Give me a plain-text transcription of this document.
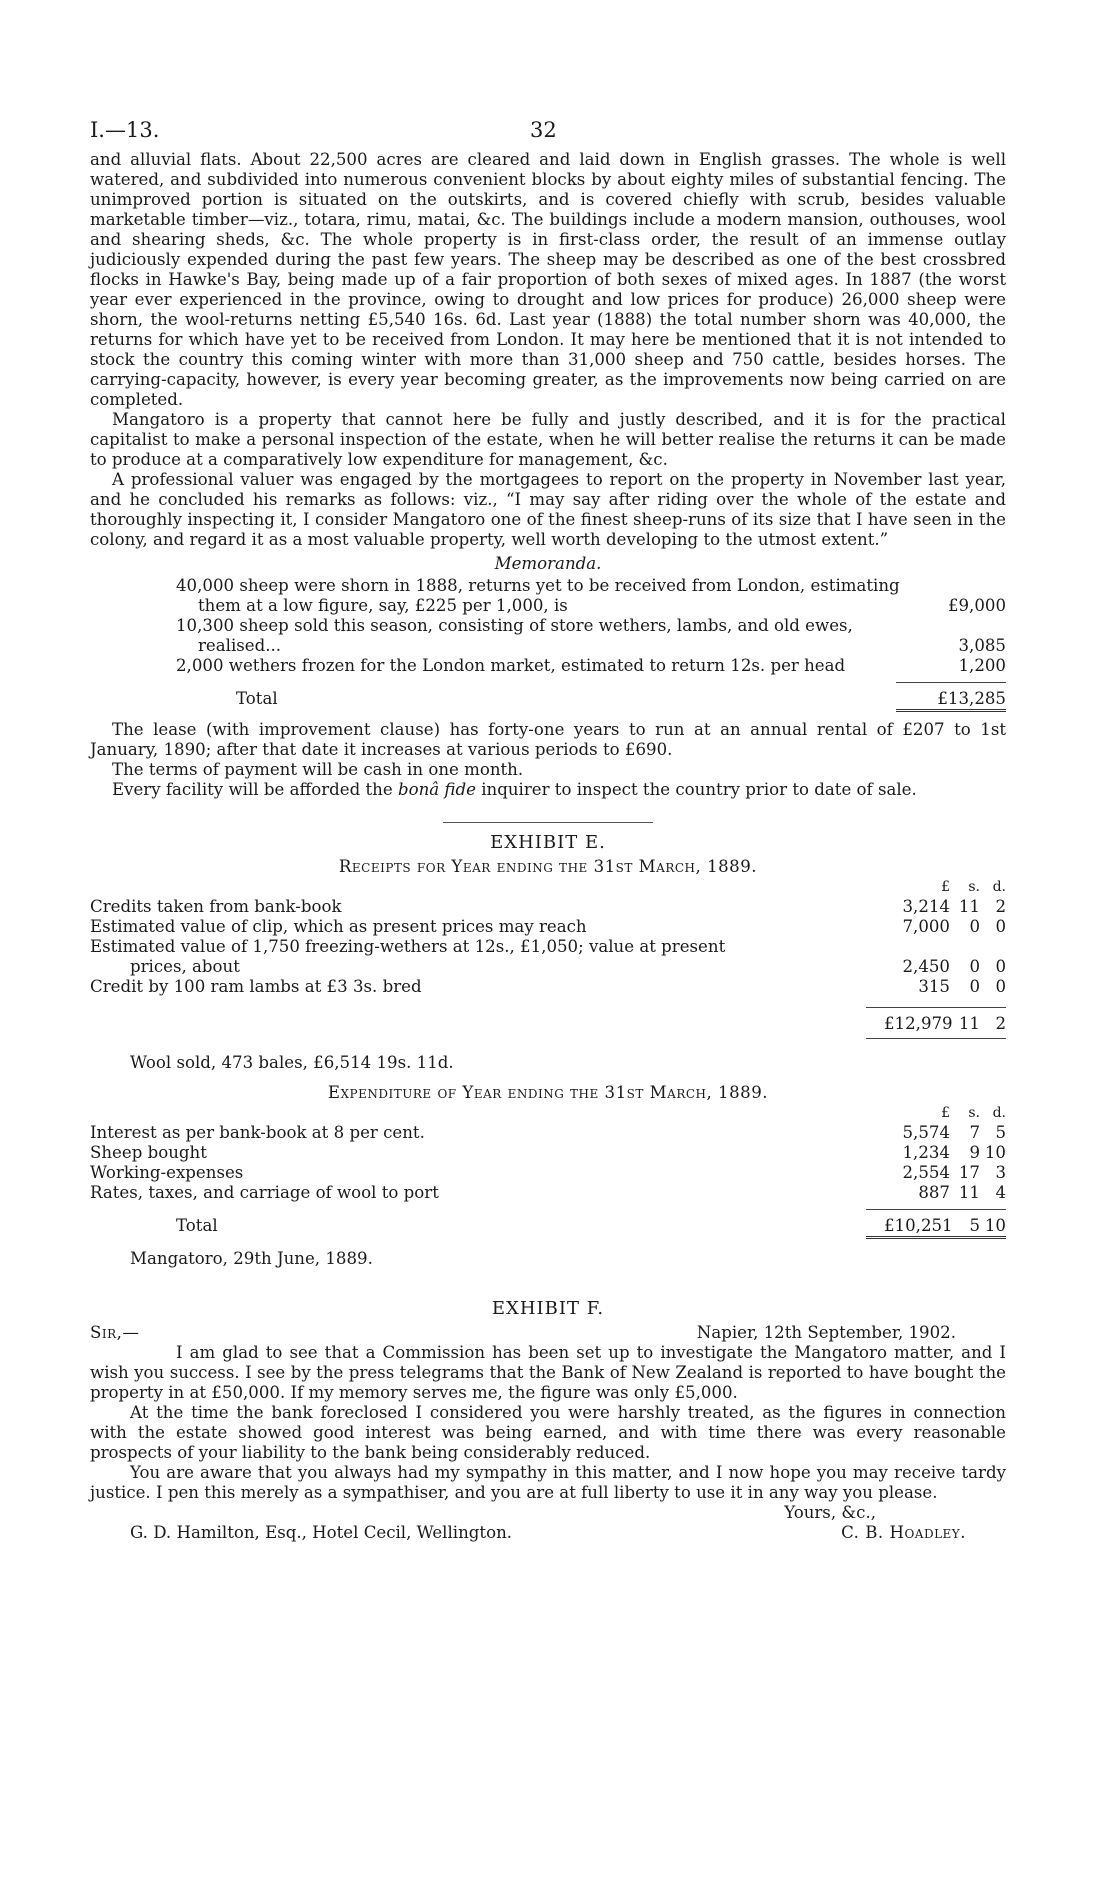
I.—13.	32

and alluvial flats. About 22,500 acres are cleared and laid down in English grasses. The whole is well watered, and subdivided into numerous convenient blocks by about eighty miles of substantial fencing. The unimproved portion is situated on the outskirts, and is covered chiefly with scrub, besides valuable marketable timber—viz., totara, rimu, matai, &c. The buildings include a modern mansion, outhouses, wool and shearing sheds, &c. The whole property is in first-class order, the result of an immense outlay judiciously expended during the past few years. The sheep may be described as one of the best crossbred flocks in Hawke's Bay, being made up of a fair proportion of both sexes of mixed ages. In 1887 (the worst year ever experienced in the province, owing to drought and low prices for produce) 26,000 sheep were shorn, the wool-returns netting £5,540 16s. 6d. Last year (1888) the total number shorn was 40,000, the returns for which have yet to be received from London. It may here be mentioned that it is not intended to stock the country this coming winter with more than 31,000 sheep and 750 cattle, besides horses. The carrying-capacity, however, is every year becoming greater, as the improvements now being carried on are completed.

Mangatoro is a property that cannot here be fully and justly described, and it is for the practical capitalist to make a personal inspection of the estate, when he will better realise the returns it can be made to produce at a comparatively low expenditure for management, &c.

A professional valuer was engaged by the mortgagees to report on the property in November last year, and he concluded his remarks as follows: viz., “I may say after riding over the whole of the estate and thoroughly inspecting it, I consider Mangatoro one of the finest sheep-runs of its size that I have seen in the colony, and regard it as a most valuable property, well worth developing to the utmost extent.”

Memoranda.
40,000 sheep were shorn in 1888, returns yet to be received from London, estimating them at a low figure, say, £225 per 1,000, is	£9,000
10,300 sheep sold this season, consisting of store wethers, lambs, and old ewes, realised...	3,085
2,000 wethers frozen for the London market, estimated to return 12s. per head	1,200
Total	£13,285

The lease (with improvement clause) has forty-one years to run at an annual rental of £207 to 1st January, 1890; after that date it increases at various periods to £690.

The terms of payment will be cash in one month.

Every facility will be afforded the bonâ fide inquirer to inspect the country prior to date of sale.

EXHIBIT E.
Receipts for Year ending the 31st March, 1889.
£	s. d.
Credits taken from bank-book	3,214 11 2
Estimated value of clip, which as present prices may reach	7,000	0 0
Estimated value of 1,750 freezing-wethers at 12s., £1,050; value at present
prices, about	2,450	0 0
Credit by 100 ram lambs at £3 3s. bred	315	0 0
£12,979 11 2
Wool sold, 473 bales, £6,514 19s. 11d.
Expenditure of Year ending the 31st March, 1889.
£	s. d.
Interest as per bank-book at 8 per cent.	5,574	7 5
Sheep bought	1,234	9 10
Working-expenses	2,554 17 3
Rates, taxes, and carriage of wool to port	887 11 4
Total	£10,251	5 10
Mangatoro, 29th June, 1889.
EXHIBIT F.
Sir,—	Napier, 12th September, 1902.

I am glad to see that a Commission has been set up to investigate the Mangatoro matter, and I wish you success. I see by the press telegrams that the Bank of New Zealand is reported to have bought the property in at £50,000. If my memory serves me, the figure was only £5,000.

At the time the bank foreclosed I considered you were harshly treated, as the figures in connection with the estate showed good interest was being earned, and with time there was every reasonable prospects of your liability to the bank being considerably reduced.

You are aware that you always had my sympathy in this matter, and I now hope you may receive tardy justice. I pen this merely as a sympathiser, and you are at full liberty to use it in any way you please.

Yours, &c.,
G. D. Hamilton, Esq., Hotel Cecil, Wellington.	C. B. Hoadley.
